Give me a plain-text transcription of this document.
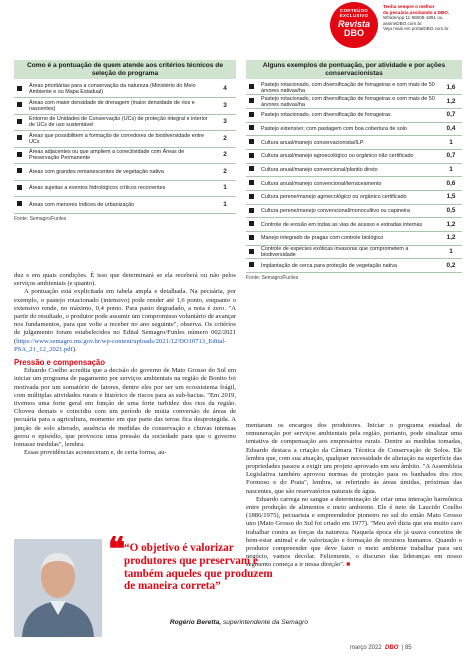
CONTEÚDO EXCLUSIVO
Revista
DBO
Tenha sempre o melhor
da pecuária assinando a DBO.
WhatsApp 11 98608-1891 ou
assineDBO.com.br.
Veja mais em portalDBO.com.br
Como é a pontuação de quem atende aos critérios técnicos de seleção do programa
	Áreas prioritárias para a conservação da natureza (Ministério do Meio Ambiente e ou Mapa Estadual)	4
	Áreas com maior densidade de drenagem (maior densidade de rios e nascentes)	3
	Entorno de Unidades de Conservação (UCs) de proteção integral e interior de UCs de uso sustentável	3
	Áreas que possibilitem a formação de corredores de biodiversidade entre UCs	2
	Áreas adjacentes ou que ampliem a conectividade com Áreas de Preservação Permanente	2
	Áreas com grandes remanescentes de vegetação nativa	2
	Áreas sujeitas a eventos hidrológicos críticos recorrentes	1
	Áreas com menores índices de urbanização	1
Fonte: Semagro/Funles
Alguns exemplos de pontuação, por atividade e por ações conservacionistas
	Pastejo rotacionado, com diversificação de forrageiras e com mais de 50 árvores nativas/ha	1,6
	Pastejo rotacionado, com diversificação de forrageiras e com mais de 50 árvores nativas/ha	1,2
	Pastejo rotacionado, com diversificação de forrageiras	0,7
	Pastejo extensivo; com pastagem com boa cobertura de solo	0,4
	Cultura anual/manejo conservacionista/ILP	1
	Cultura anual/manejo agroecológico ou orgânico não certificado	0,7
	Cultura anual/manejo convencional/plantio direto	1
	Cultura anual/manejo convencional/terraceamento	0,6
	Cultura perene/manejo agroecológico ou orgânico certificado	1,5
	Cultura perene/manejo convencional/monocultivo ou capineira	0,5
	Controle de erosão em todas as vias de acesso e estradas internas	1,2
	Manejo integrado de pragas com controle biológico	1,2
	Controle de espécies exóticas invasoras que comprometem a biodiversidade	1
	Implantação de cerca para proteção de vegetação nativa	0,2
Fonte: Semagro/Funles

duz e em quais condições. É isso que determinará se ela receberá ou não pelos serviços ambientais (e quanto).

A pontuação está explicitada em tabela ampla e detalhada. Na pecuária, por exemplo, o pastejo rotacionado (intensivo) pode render até 1,6 ponto, enquanto o extensivo rende, no máximo, 0,4 ponto. Para pasto degradado, a nota é zero. "A partir do resultado, o produtor pode assumir um compromisso voluntário de avançar nos fundamentos, para que volte a receber no ano seguinte", observa. Os critérios de julgamento foram estabelecidos no Edital Semagro/Funles número 002/2021 (https://www.semagro.ms.gov.br/wp-content/uploads/2021/12/DO10713_Edital-PSA_21_12_2021.pdf).

Pressão e compensação

Eduardo Coelho acredita que a decisão do governo de Mato Grosso do Sul em iniciar um programa de pagamento por serviços ambientais na região de Bonito foi motivada por um somatório de fatores, dentre eles por ser um ecossistema frágil, com múltiplas atividades rurais e histórico de riscos para as sub-bacias. "Em 2019, tivemos uma forte geral em função de uma forte turbidez dos rios da região. Choveu demais e coincidiu com um período de muita conversão de áreas de pecuária para a agricultura, momento em que parte das terras fica desprotegida. A junção de solo alterado, ausência de medidas de conservação e chuvas intensas gerou o episódio, que provocou uma pressão da sociedade para que o governo tomasse medidas", lembra.

Essas providências aconteceram e, de certa forma, au-

mentaram os encargos dos produtores. Iniciar o programa estadual de remuneração por serviços ambientais pela região, portanto, pode sinalizar uma tentativa de compensação aos empresários rurais. Dentre as medidas tomadas, Eduardo destaca a criação da Câmara Técnica de Conservação de Solos. Ele lembra que, com sua atuação, qualquer necessidade de alteração na superfície das propriedades passou a exigir um projeto aprovado em seu âmbito. "A Assembleia Legislativa também aprovou normas de proteção para os banhados dos rios Formoso e do Prata", lembra, se referindo às áreas úmidas, próximas das nascentes, que são reservatórios naturais de água.

Eduardo carrega no sangue a determinação de criar uma interação harmônica entre produção de alimentos e meio ambiente. Ele é neto de Laucido Coelho (1886/1975), pecuarista e empreendedor pioneiro no sul do então Mato Grosso uno (Mato Grosso do Sul foi criado em 1977). "Meu avô dizia que era muito caro trabalhar contra as forças da natureza. Naquela época ele já usava conceitos de bem-estar animal e de valorização e formação de recursos humanos. Quando o produtor compreender que deve fazer o meio ambiente trabalhar para seu negócio, vamos decolar. Felizmente, o discurso das lideranças em nosso segmento começa a ir nessa direção". ■

❝
“O objetivo é valorizar produtores que preservam e também aqueles que produzem de maneira correta”
Rogério Beretta, superintendente da Semagro
março 2022 DBO  | 85
